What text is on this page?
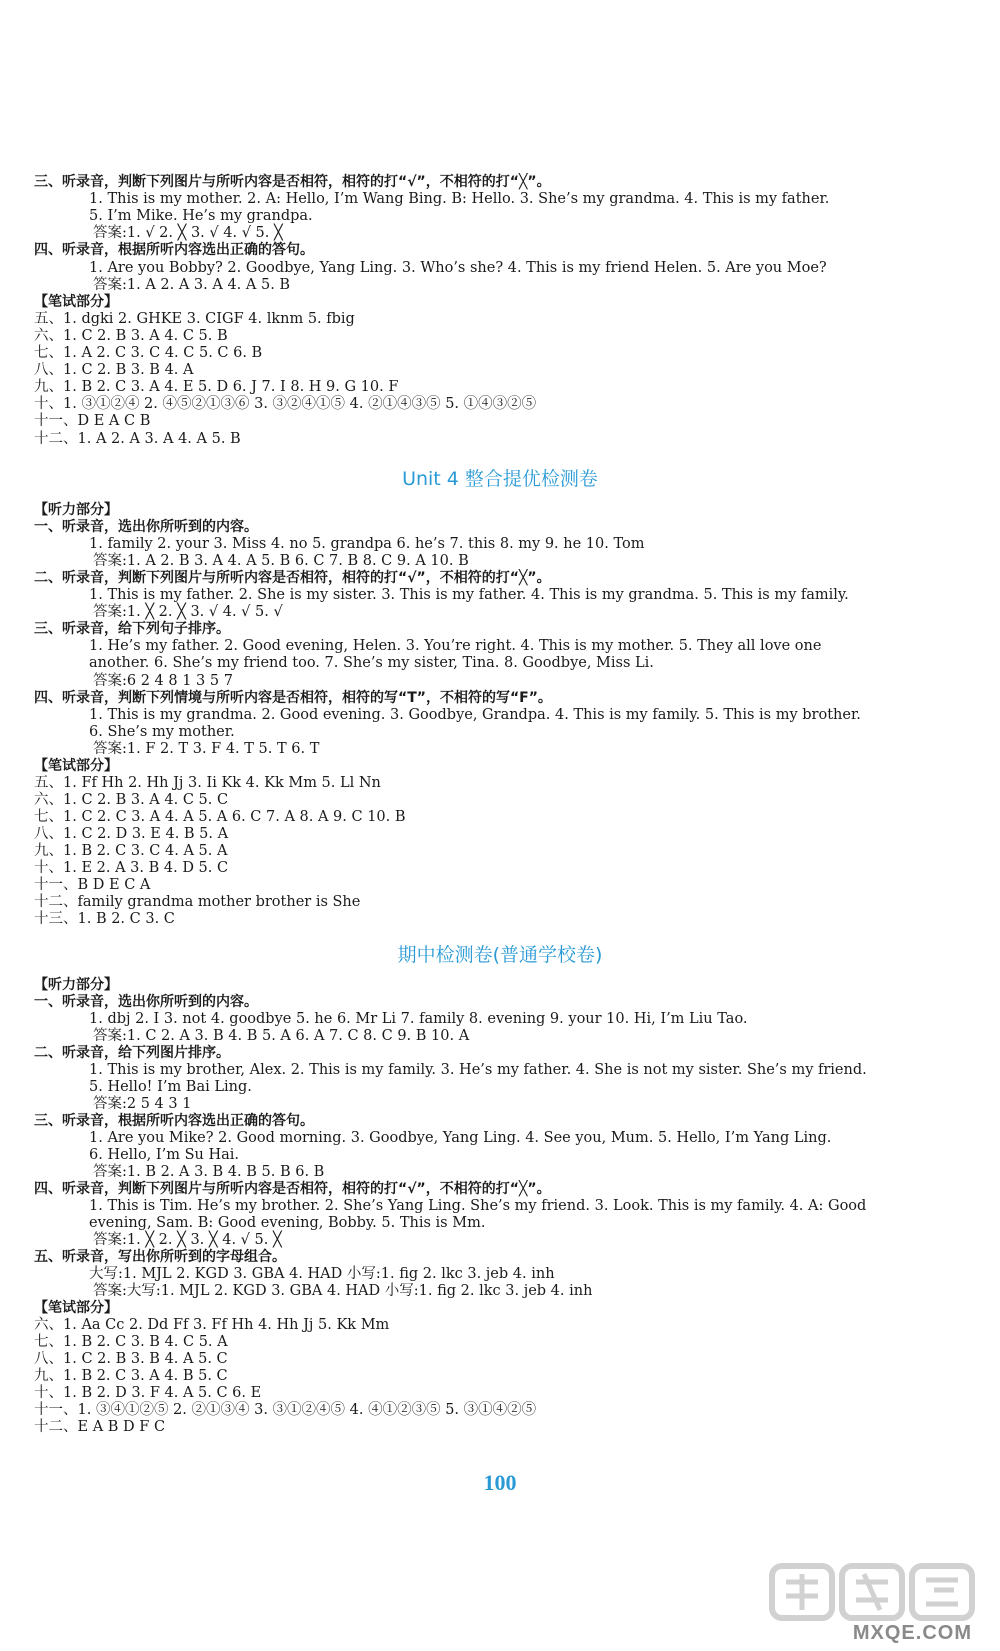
三、听录音，判断下列图片与所听内容是否相符，相符的打“√”，不相符的打“╳”。
1. This is my mother. 2. A: Hello, I’m Wang Bing. B: Hello. 3. She’s my grandma. 4. This is my father.
5. I’m Mike. He’s my grandpa.
答案:1. √ 2. ╳ 3. √ 4. √ 5. ╳
四、听录音，根据所听内容选出正确的答句。
1. Are you Bobby? 2. Goodbye, Yang Ling. 3. Who’s she? 4. This is my friend Helen. 5. Are you Moe?
答案:1. A 2. A 3. A 4. A 5. B
【笔试部分】
五、1. dgki 2. GHKE 3. CIGF 4. lknm 5. fbig
六、1. C 2. B 3. A 4. C 5. B
七、1. A 2. C 3. C 4. C 5. C 6. B
八、1. C 2. B 3. B 4. A
九、1. B 2. C 3. A 4. E 5. D 6. J 7. I 8. H 9. G 10. F
十、1. ③①②④ 2. ④⑤②①③⑥ 3. ③②④①⑤ 4. ②①④③⑤ 5. ①④③②⑤
十一、D E A C B
十二、1. A 2. A 3. A 4. A 5. B
Unit 4 整合提优检测卷
【听力部分】
一、听录音，选出你所听到的内容。
1. family 2. your 3. Miss 4. no 5. grandpa 6. he’s 7. this 8. my 9. he 10. Tom
答案:1. A 2. B 3. A 4. A 5. B 6. C 7. B 8. C 9. A 10. B
二、听录音，判断下列图片与所听内容是否相符，相符的打“√”，不相符的打“╳”。
1. This is my father. 2. She is my sister. 3. This is my father. 4. This is my grandma. 5. This is my family.
答案:1. ╳ 2. ╳ 3. √ 4. √ 5. √
三、听录音，给下列句子排序。
1. He’s my father. 2. Good evening, Helen. 3. You’re right. 4. This is my mother. 5. They all love one
another. 6. She’s my friend too. 7. She’s my sister, Tina. 8. Goodbye, Miss Li.
答案:6 2 4 8 1 3 5 7
四、听录音，判断下列情境与所听内容是否相符，相符的写“T”，不相符的写“F”。
1. This is my grandma. 2. Good evening. 3. Goodbye, Grandpa. 4. This is my family. 5. This is my brother.
6. She’s my mother.
答案:1. F 2. T 3. F 4. T 5. T 6. T
【笔试部分】
五、1. Ff Hh 2. Hh Jj 3. Ii Kk 4. Kk Mm 5. Ll Nn
六、1. C 2. B 3. A 4. C 5. C
七、1. C 2. C 3. A 4. A 5. A 6. C 7. A 8. A 9. C 10. B
八、1. C 2. D 3. E 4. B 5. A
九、1. B 2. C 3. C 4. A 5. A
十、1. E 2. A 3. B 4. D 5. C
十一、B D E C A
十二、family grandma mother brother is She
十三、1. B 2. C 3. C
期中检测卷(普通学校卷)
【听力部分】
一、听录音，选出你所听到的内容。
1. dbj 2. I 3. not 4. goodbye 5. he 6. Mr Li 7. family 8. evening 9. your 10. Hi, I’m Liu Tao.
答案:1. C 2. A 3. B 4. B 5. A 6. A 7. C 8. C 9. B 10. A
二、听录音，给下列图片排序。
1. This is my brother, Alex. 2. This is my family. 3. He’s my father. 4. She is not my sister. She’s my friend.
5. Hello! I’m Bai Ling.
答案:2 5 4 3 1
三、听录音，根据所听内容选出正确的答句。
1. Are you Mike? 2. Good morning. 3. Goodbye, Yang Ling. 4. See you, Mum. 5. Hello, I’m Yang Ling.
6. Hello, I’m Su Hai.
答案:1. B 2. A 3. B 4. B 5. B 6. B
四、听录音，判断下列图片与所听内容是否相符，相符的打“√”，不相符的打“╳”。
1. This is Tim. He’s my brother. 2. She’s Yang Ling. She’s my friend. 3. Look. This is my family. 4. A: Good
evening, Sam. B: Good evening, Bobby. 5. This is Mm.
答案:1. ╳ 2. ╳ 3. ╳ 4. √ 5. ╳
五、听录音，写出你所听到的字母组合。
大写:1. MJL 2. KGD 3. GBA 4. HAD 小写:1. fig 2. lkc 3. jeb 4. inh
答案:大写:1. MJL 2. KGD 3. GBA 4. HAD 小写:1. fig 2. lkc 3. jeb 4. inh
【笔试部分】
六、1. Aa Cc 2. Dd Ff 3. Ff Hh 4. Hh Jj 5. Kk Mm
七、1. B 2. C 3. B 4. C 5. A
八、1. C 2. B 3. B 4. A 5. C
九、1. B 2. C 3. A 4. B 5. C
十、1. B 2. D 3. F 4. A 5. C 6. E
十一、1. ③④①②⑤ 2. ②①③④ 3. ③①②④⑤ 4. ④①②③⑤ 5. ③①④②⑤
十二、E A B D F C
100
MXQE.COM
